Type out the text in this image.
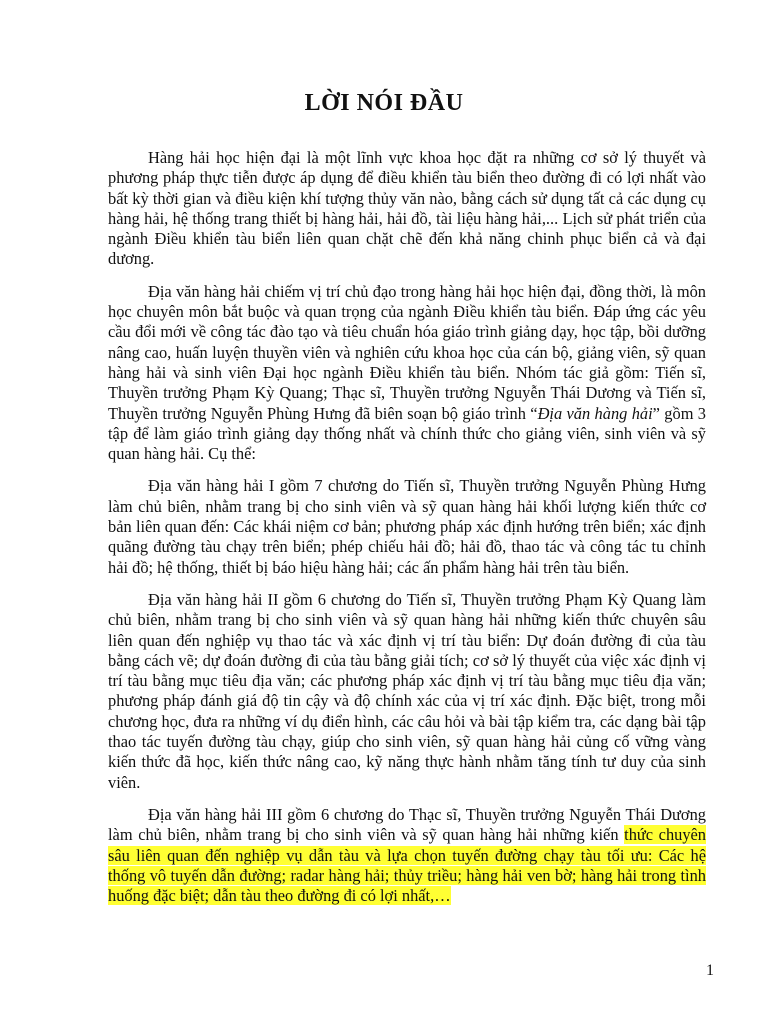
LỜI NÓI ĐẦU

Hàng hải học hiện đại là một lĩnh vực khoa học đặt ra những cơ sở lý thuyết và phương pháp thực tiễn được áp dụng để điều khiển tàu biển theo đường đi có lợi nhất vào bất kỳ thời gian và điều kiện khí tượng thủy văn nào, bằng cách sử dụng tất cả các dụng cụ hàng hải, hệ thống trang thiết bị hàng hải, hải đồ, tài liệu hàng hải,... Lịch sử phát triển của ngành Điều khiển tàu biển liên quan chặt chẽ đến khả năng chinh phục biển cả và đại dương.

Địa văn hàng hải chiếm vị trí chủ đạo trong hàng hải học hiện đại, đồng thời, là môn học chuyên môn bắt buộc và quan trọng của ngành Điều khiển tàu biển. Đáp ứng các yêu cầu đổi mới về công tác đào tạo và tiêu chuẩn hóa giáo trình giảng dạy, học tập, bồi dưỡng nâng cao, huấn luyện thuyền viên và nghiên cứu khoa học của cán bộ, giảng viên, sỹ quan hàng hải và sinh viên Đại học ngành Điều khiển tàu biển. Nhóm tác giả gồm: Tiến sĩ, Thuyền trưởng Phạm Kỳ Quang; Thạc sĩ, Thuyền trưởng Nguyễn Thái Dương và Tiến sĩ, Thuyền trưởng Nguyễn Phùng Hưng đã biên soạn bộ giáo trình “Địa văn hàng hải” gồm 3 tập để làm giáo trình giảng dạy thống nhất và chính thức cho giảng viên, sinh viên và sỹ quan hàng hải. Cụ thể:

Địa văn hàng hải I gồm 7 chương do Tiến sĩ, Thuyền trưởng Nguyễn Phùng Hưng làm chủ biên, nhằm trang bị cho sinh viên và sỹ quan hàng hải khối lượng kiến thức cơ bản liên quan đến: Các khái niệm cơ bản; phương pháp xác định hướng trên biển; xác định quãng đường tàu chạy trên biển; phép chiếu hải đồ; hải đồ, thao tác và công tác tu chỉnh hải đồ; hệ thống, thiết bị báo hiệu hàng hải; các ấn phẩm hàng hải trên tàu biển.

Địa văn hàng hải II gồm 6 chương do Tiến sĩ, Thuyền trưởng Phạm Kỳ Quang làm chủ biên, nhằm trang bị cho sinh viên và sỹ quan hàng hải những kiến thức chuyên sâu liên quan đến nghiệp vụ thao tác và xác định vị trí tàu biển: Dự đoán đường đi của tàu bằng cách vẽ; dự đoán đường đi của tàu bằng giải tích; cơ sở lý thuyết của việc xác định vị trí tàu bằng mục tiêu địa văn; các phương pháp xác định vị trí tàu bằng mục tiêu địa văn; phương pháp đánh giá độ tin cậy và độ chính xác của vị trí xác định. Đặc biệt, trong mỗi chương học, đưa ra những ví dụ điển hình, các câu hỏi và bài tập kiểm tra, các dạng bài tập thao tác tuyến đường tàu chạy, giúp cho sinh viên, sỹ quan hàng hải củng cố vững vàng kiến thức đã học, kiến thức nâng cao, kỹ năng thực hành nhằm tăng tính tư duy của sinh viên.

Địa văn hàng hải III gồm 6 chương do Thạc sĩ, Thuyền trưởng Nguyễn Thái Dương làm chủ biên, nhằm trang bị cho sinh viên và sỹ quan hàng hải những kiến thức chuyên sâu liên quan đến nghiệp vụ dẫn tàu và lựa chọn tuyến đường chạy tàu tối ưu: Các hệ thống vô tuyến dẫn đường; radar hàng hải; thủy triều; hàng hải ven bờ; hàng hải trong tình huống đặc biệt; dẫn tàu theo đường đi có lợi nhất,…

1
